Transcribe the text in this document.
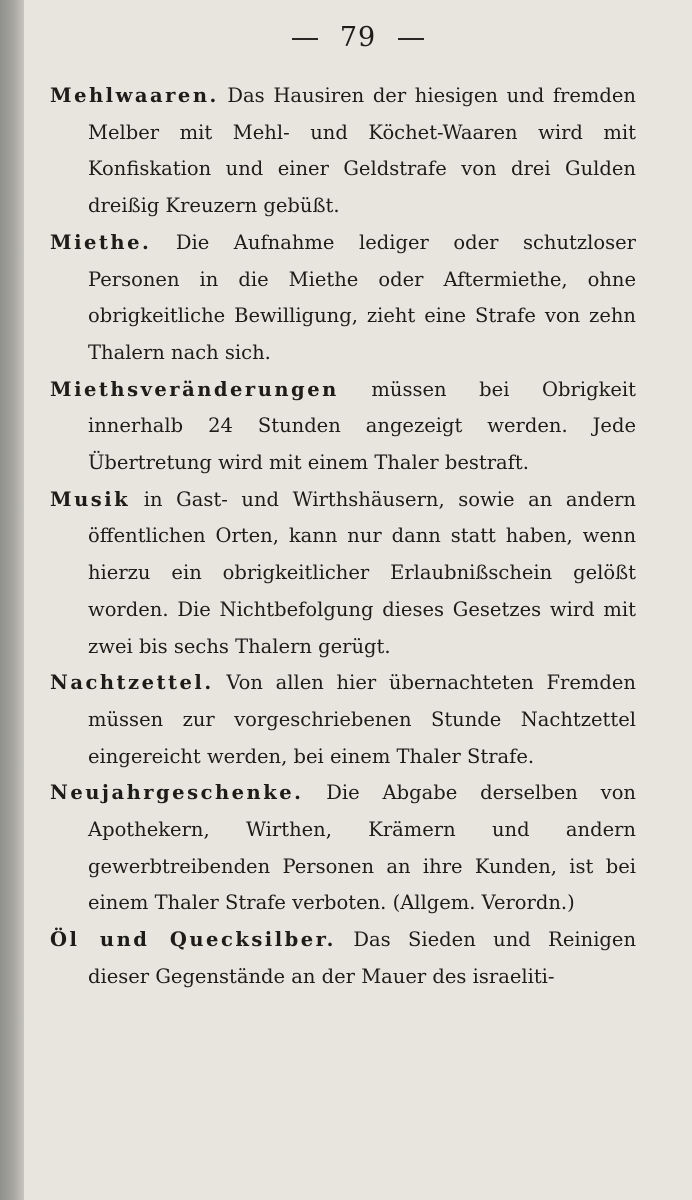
79

Mehlwaaren. Das Hausiren der hiesigen und fremden Melber mit Mehl- und Köchet-Waaren wird mit Konfiskation und einer Geldstrafe von drei Gulden dreißig Kreuzern gebüßt.

Miethe. Die Aufnahme lediger oder schutzloser Personen in die Miethe oder Aftermiethe, ohne obrigkeitliche Bewilligung, zieht eine Strafe von zehn Thalern nach sich.

Miethsveränderungen müssen bei Obrigkeit innerhalb 24 Stunden angezeigt werden. Jede Übertretung wird mit einem Thaler bestraft.

Musik in Gast- und Wirthshäusern, sowie an andern öffentlichen Orten, kann nur dann statt haben, wenn hierzu ein obrigkeitlicher Erlaubnißschein gelößt worden. Die Nichtbefolgung dieses Gesetzes wird mit zwei bis sechs Thalern gerügt.

Nachtzettel. Von allen hier übernachteten Fremden müssen zur vorgeschriebenen Stunde Nachtzettel eingereicht werden, bei einem Thaler Strafe.

Neujahrgeschenke. Die Abgabe derselben von Apothekern, Wirthen, Krämern und andern gewerbtreibenden Personen an ihre Kunden, ist bei einem Thaler Strafe verboten. (Allgem. Verordn.)

Öl und Quecksilber. Das Sieden und Reinigen dieser Gegenstände an der Mauer des israeliti-
